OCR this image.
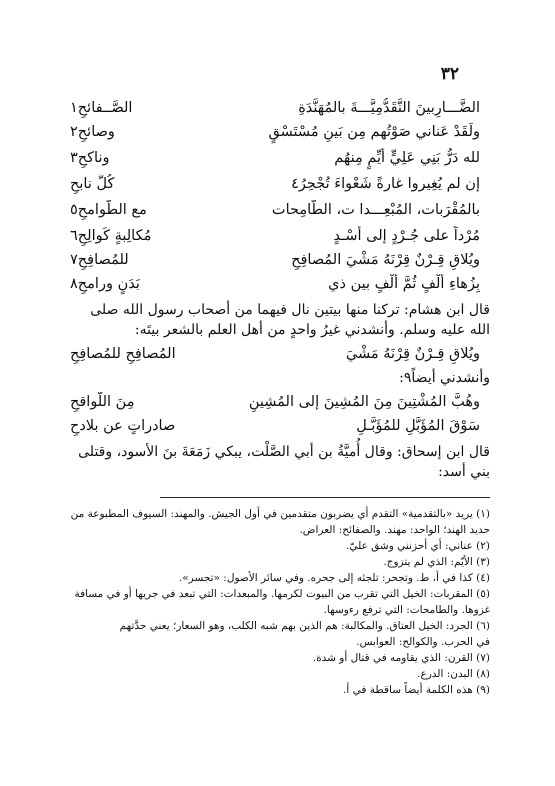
٣٢
الضَّـــارِبينَ النَّقَدُّمِيَّـــةَ بالمُهَنَّدَةِ
الصَّــفائحِ١
ولَقَدْ عَناني صَوْتُهم مِن بَينِ مُسْتَسْقٍ
وصائحِ٢
لله دَرُّ بَنِي عَلِيٍّ أَيِّمٍ مِنهُم
وناكحِ٣
إن لم يُغِيروا غارةً شَعْواءَ تُجْحِرُ٤
كُلَّ نابحِ
بالمُقْرَبات، المُبْعِـــدا ت، الطَّامِحات
مع الطَّوامحِ٥
مُرْداً على جُـرْدٍ إلى أُسْـدٍ
مُكالِبةٍ كَوالِحِ٦
ويُلاقِ قِـرْنٌ قِرْنَهُ مَشْيَ المُصافِحِ
للمُصافِحِ٧
بِزُهاءِ أَلْفٍ ثُمَّ أَلْفٍ بين ذي
بَدَنٍ ورامحِ٨
قال ابن هشام: تركنا منها بيتين نال فيهما من أصحاب رسول الله صلى الله عليه وسلم. وأنشدني غيرُ واحدٍ من أهل العلم بالشعر بيتَه:
ويُلاقِ قِـرْنٌ قِرْنَهُ مَشْيَ
المُصافِحِ للمُصافِحِ
وأنشدني أيضاً٩:
وهُبَّ المُشْتِينَ مِنَ المُشِينَ إلى المُشِينِ
مِنَ اللَّواقحِ
سَوْقَ المُؤَبَّلِ للمُؤَبَّـلِ
صادراتٍ عن بلادحِ
قال ابن إسحاق: وقال أُميَّةُ بن أبي الصَّلْت، يبكي زَمَعَةَ بنَ الأسود، وقتلى بني أسد:
(١) يريد «بالتقدمية» التقدم أي يضربون متقدمين في أول الجيش. والمهند: السيوف المطبوعة من
حديد الهند؛ الواحد: مهند. والصفائح: العراض.
(٢) عناني: أي أحزنني وشق عليّ.
(٣) الأيّم: الذي لم يتزوج.
(٤) كذا في أ، ط. وتجحر: تلجئه إلى جحره. وفي سائر الأصول: «تجسر».
(٥) المقربات: الخيل التي تقرب من البيوت لكرمها. والمبعدات: التي تبعد في جريها أو في مسافة
غزوها. والطامحات: التي ترفع رءوسها.
(٦) الجرد: الخيل العتاق. والمكالبة: هم الذين بهم شبه الكلب، وهو السعار؛ يعني حدَّتهم
في الحرب. والكوالح: العوابس.
(٧) القرن: الذي يقاومه في قتال أو شدة.
(٨) البدن: الدرع.
(٩) هذه الكلمة أيضاً ساقطة في أ.
